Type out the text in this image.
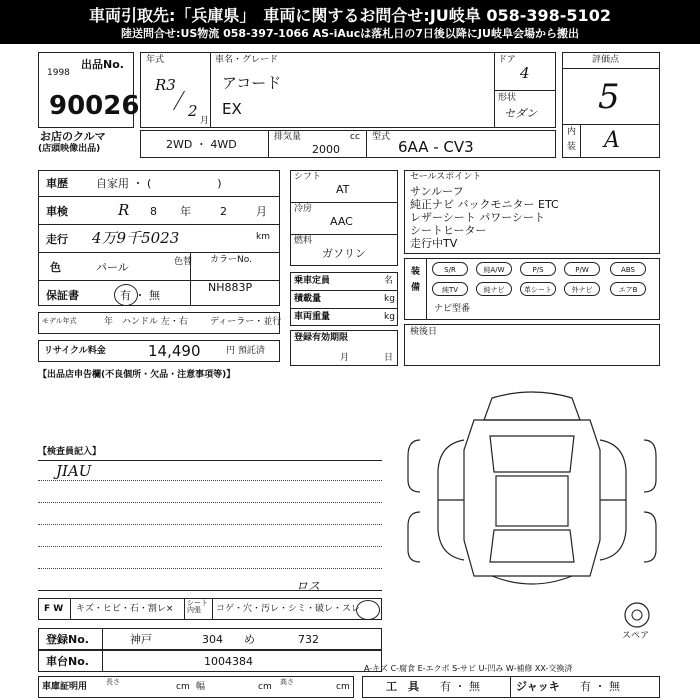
車両引取先:「兵庫県」　車両に関するお問合せ:JU岐阜 058-398-5102
陸送問合せ:US物流 058-397-1066 AS-iAucは落札日の7日後以降にJU岐阜会場から搬出
出品No.
1998
90026
お店のクルマ
(店頭映像出品)
年式
R3
2
月
車名・グレード
アコード
EX
ドア
4
形状
セダン
2WD ・ 4WD
排気量	cc
2000
型式
6AA - CV3
評価点
5
内
装 A
車歴	自家用 ・ (　　　　　　)
車検	R 8 年	2	月
走行 4万9千5023	km
色	パール	色替 カラーNo.
NH883P
保証書	有 ・ 無
モデル年式	年 ハンドル 左・右 ディーラー・並行
リサイクル料金	14,490	円 預託済
シフト
AT
冷房
AAC
燃料
ガソリン
乗車定員	名
積載量	kg
車両重量	kg
登録有効期限
月	日
セールスポイント
サンルーフ
純正ナビ バックモニター ETC
レザーシート パワーシート
シートヒーター
走行中TV
装
備
S/R	純A/W	P/S	P/W	ABS
純TV	純ナビ	革シート	外ナビ	エアB
ナビ型番
検後日
【出品店申告欄(不良個所・欠品・注意事項等)】
【検査員記入】
JIAU
スペア
F W キズ・ヒビ・石・割レ×
シート内張	コゲ・穴・汚レ・シミ・破レ・スレ
ロス
登録No.	神戸	304 め	732
車台No.	1004384
車庫証明用	長さ	cm 幅	cm 高さ	cm
A-キズ C-腐食 E-エクボ S-サビ U-凹み W-補修 XX-交換済
工　具 有 ・ 無	ジャッキ 有 ・ 無
